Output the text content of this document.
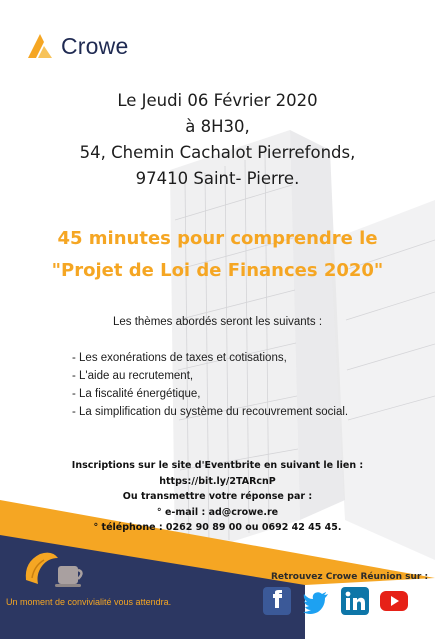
Crowe
Le Jeudi 06 Février 2020
à 8H30,
54, Chemin Cachalot Pierrefonds,
97410 Saint- Pierre.
45 minutes pour comprendre le
"Projet de Loi de Finances 2020"
Les thèmes abordés seront les suivants :
- Les exonérations de taxes et cotisations,
- L'aide au recrutement,
- La fiscalité énergétique,
- La simplification du système du recouvrement social.
Inscriptions sur le site d'Eventbrite en suivant le lien :
https://bit.ly/2TARcnP
Ou transmettre votre réponse par :
° e-mail : ad@crowe.re
° téléphone : 0262 90 89 00 ou 0692 42 45 45.
Un moment de convivialité vous attendra.
Retrouvez Crowe Réunion sur :
